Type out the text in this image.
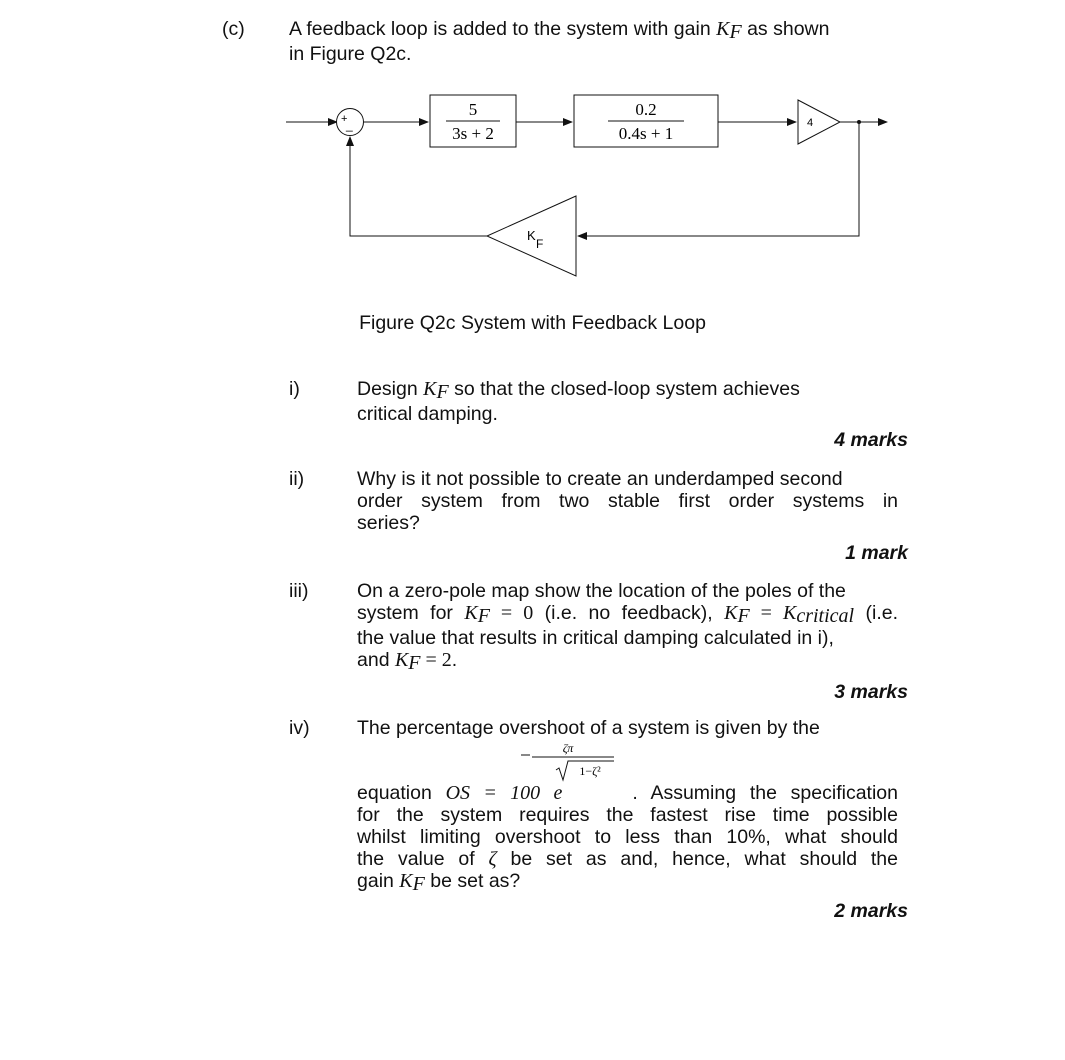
(c) A feedback loop is added to the system with gain $K_F$ as shown
in Figure Q2c.
+
_
5
3s + 2
0.2
0.4s + 1
4
K
F
Figure Q2c System with Feedback Loop
i)	Design $K_F$ so that the closed-loop system achieves
critical damping.
4 marks
ii)	Why is it not possible to create an underdamped second
order system from two stable first order systems in
series?
1 mark
iii) On a zero-pole map show the location of the poles of the
system for $K_F = 0$ (i.e. no feedback), $K_F = K_{critical}$ (i.e.
the value that results in critical damping calculated in i),
and $K_F = 2$.
3 marks
iv) The percentage overshoot of a system is given by the
ζπ
1−ζ²
equation OS = 100 e	. Assuming the specification
for the system requires the fastest rise time possible
whilst limiting overshoot to less than 10%, what should
the value of ζ be set as and, hence, what should the
gain $K_F$ be set as?
2 marks
